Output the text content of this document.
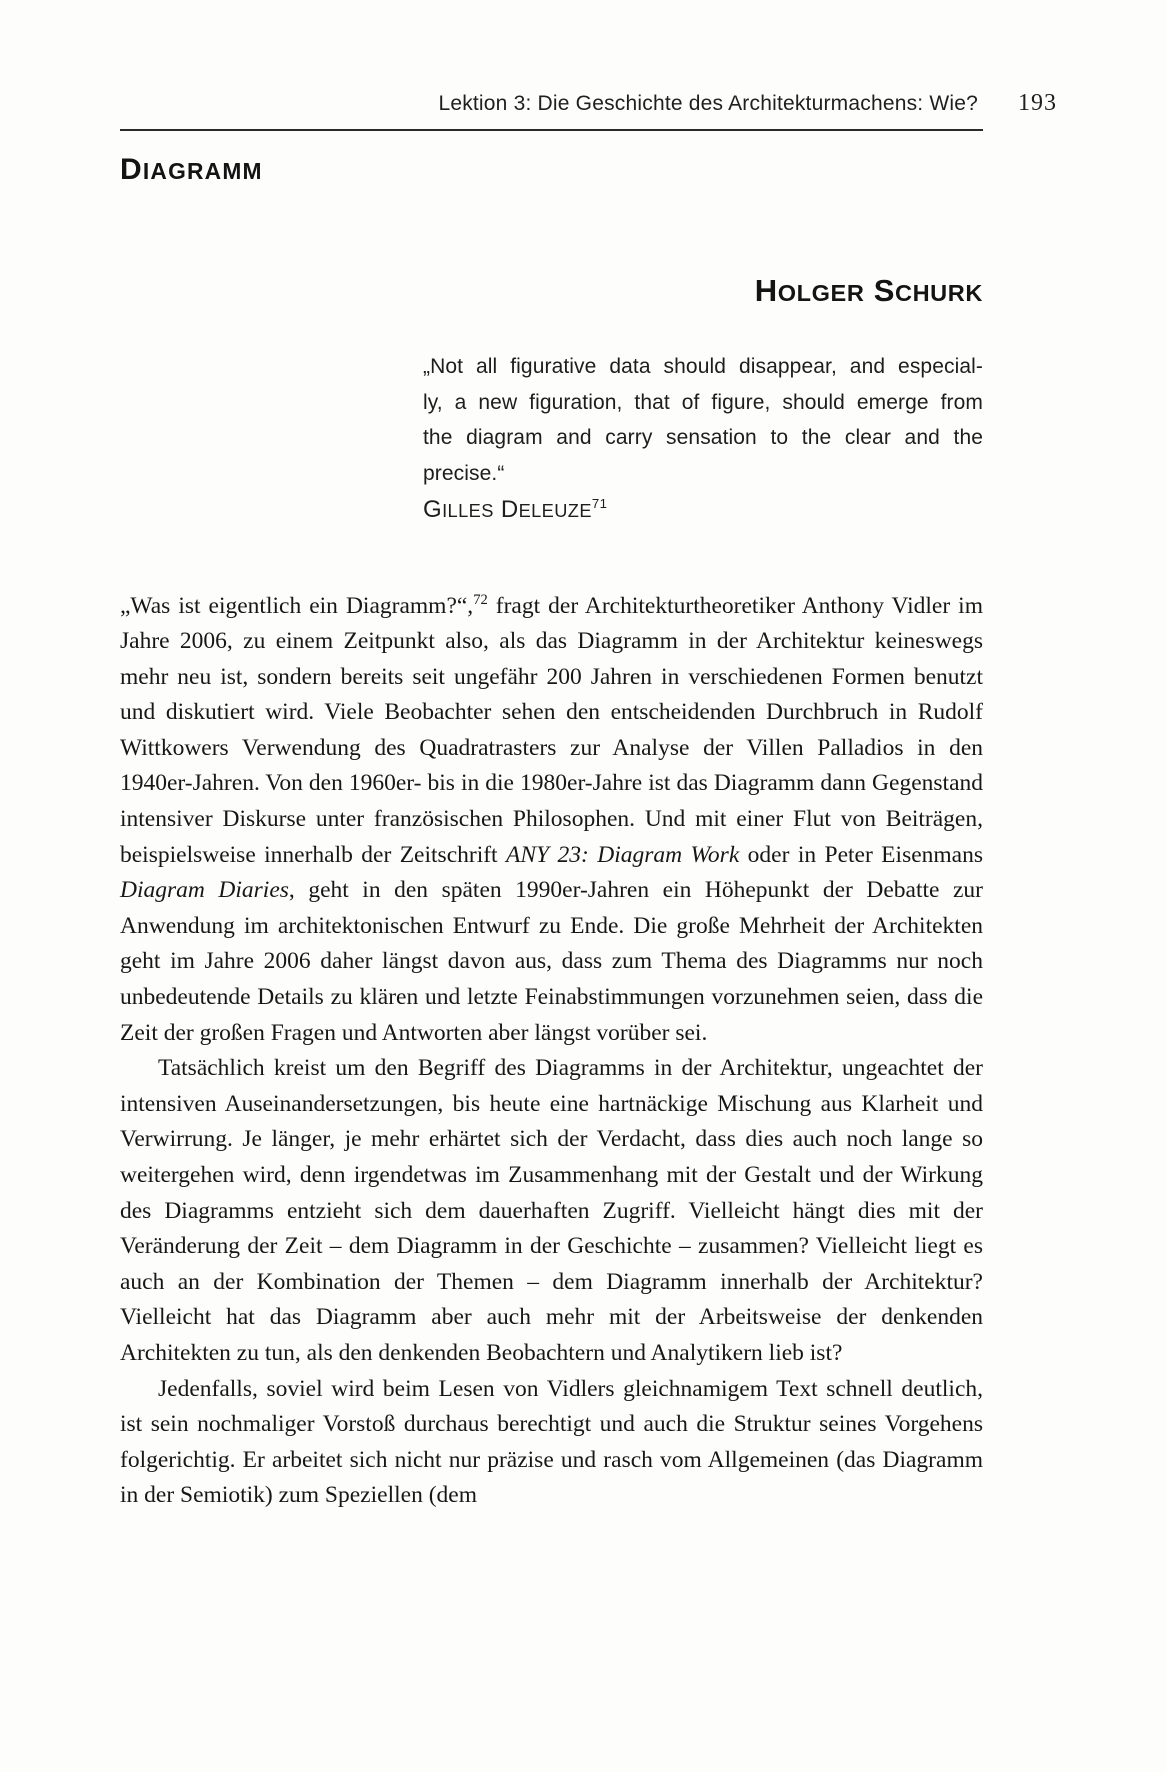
Lektion 3: Die Geschichte des Architekturmachens: Wie? 193
DIAGRAMM
HOLGER SCHURK
„Not all figurative data should disappear, and especial-
ly, a new figuration, that of figure, should emerge from
the diagram and carry sensation to the clear and the
precise.“
GILLES DELEUZE$^{71}$

„Was ist eigentlich ein Diagramm?“,$^{72}$ fragt der Architekturtheoretiker Anthony Vidler im Jahre 2006, zu einem Zeitpunkt also, als das Diagramm in der Architektur keineswegs mehr neu ist, sondern bereits seit ungefähr 200 Jahren in verschiedenen Formen benutzt und diskutiert wird. Viele Beobachter sehen den entscheidenden Durchbruch in Rudolf Wittkowers Verwendung des Quadratrasters zur Analyse der Villen Palladios in den 1940er-Jahren. Von den 1960er- bis in die 1980er-Jahre ist das Diagramm dann Gegenstand intensiver Diskurse unter französischen Philosophen. Und mit einer Flut von Beiträgen, beispielsweise innerhalb der Zeitschrift ANY 23: Diagram Work oder in Peter Eisenmans Diagram Diaries, geht in den späten 1990er-Jahren ein Höhepunkt der Debatte zur Anwendung im architektonischen Entwurf zu Ende. Die große Mehrheit der Architekten geht im Jahre 2006 daher längst davon aus, dass zum Thema des Diagramms nur noch unbedeutende Details zu klären und letzte Feinabstimmungen vorzunehmen seien, dass die Zeit der großen Fragen und Antworten aber längst vorüber sei.

Tatsächlich kreist um den Begriff des Diagramms in der Architektur, ungeachtet der intensiven Auseinandersetzungen, bis heute eine hartnäckige Mischung aus Klarheit und Verwirrung. Je länger, je mehr erhärtet sich der Verdacht, dass dies auch noch lange so weitergehen wird, denn irgendetwas im Zusammenhang mit der Gestalt und der Wirkung des Diagramms entzieht sich dem dauerhaften Zugriff. Vielleicht hängt dies mit der Veränderung der Zeit – dem Diagramm in der Geschichte – zusammen? Vielleicht liegt es auch an der Kombination der Themen – dem Diagramm innerhalb der Architektur? Vielleicht hat das Diagramm aber auch mehr mit der Arbeitsweise der denkenden Architekten zu tun, als den denkenden Beobachtern und Analytikern lieb ist?

Jedenfalls, soviel wird beim Lesen von Vidlers gleichnamigem Text schnell deutlich, ist sein nochmaliger Vorstoß durchaus berechtigt und auch die Struktur seines Vorgehens folgerichtig. Er arbeitet sich nicht nur präzise und rasch vom Allgemeinen (das Diagramm in der Semiotik) zum Speziellen (dem
